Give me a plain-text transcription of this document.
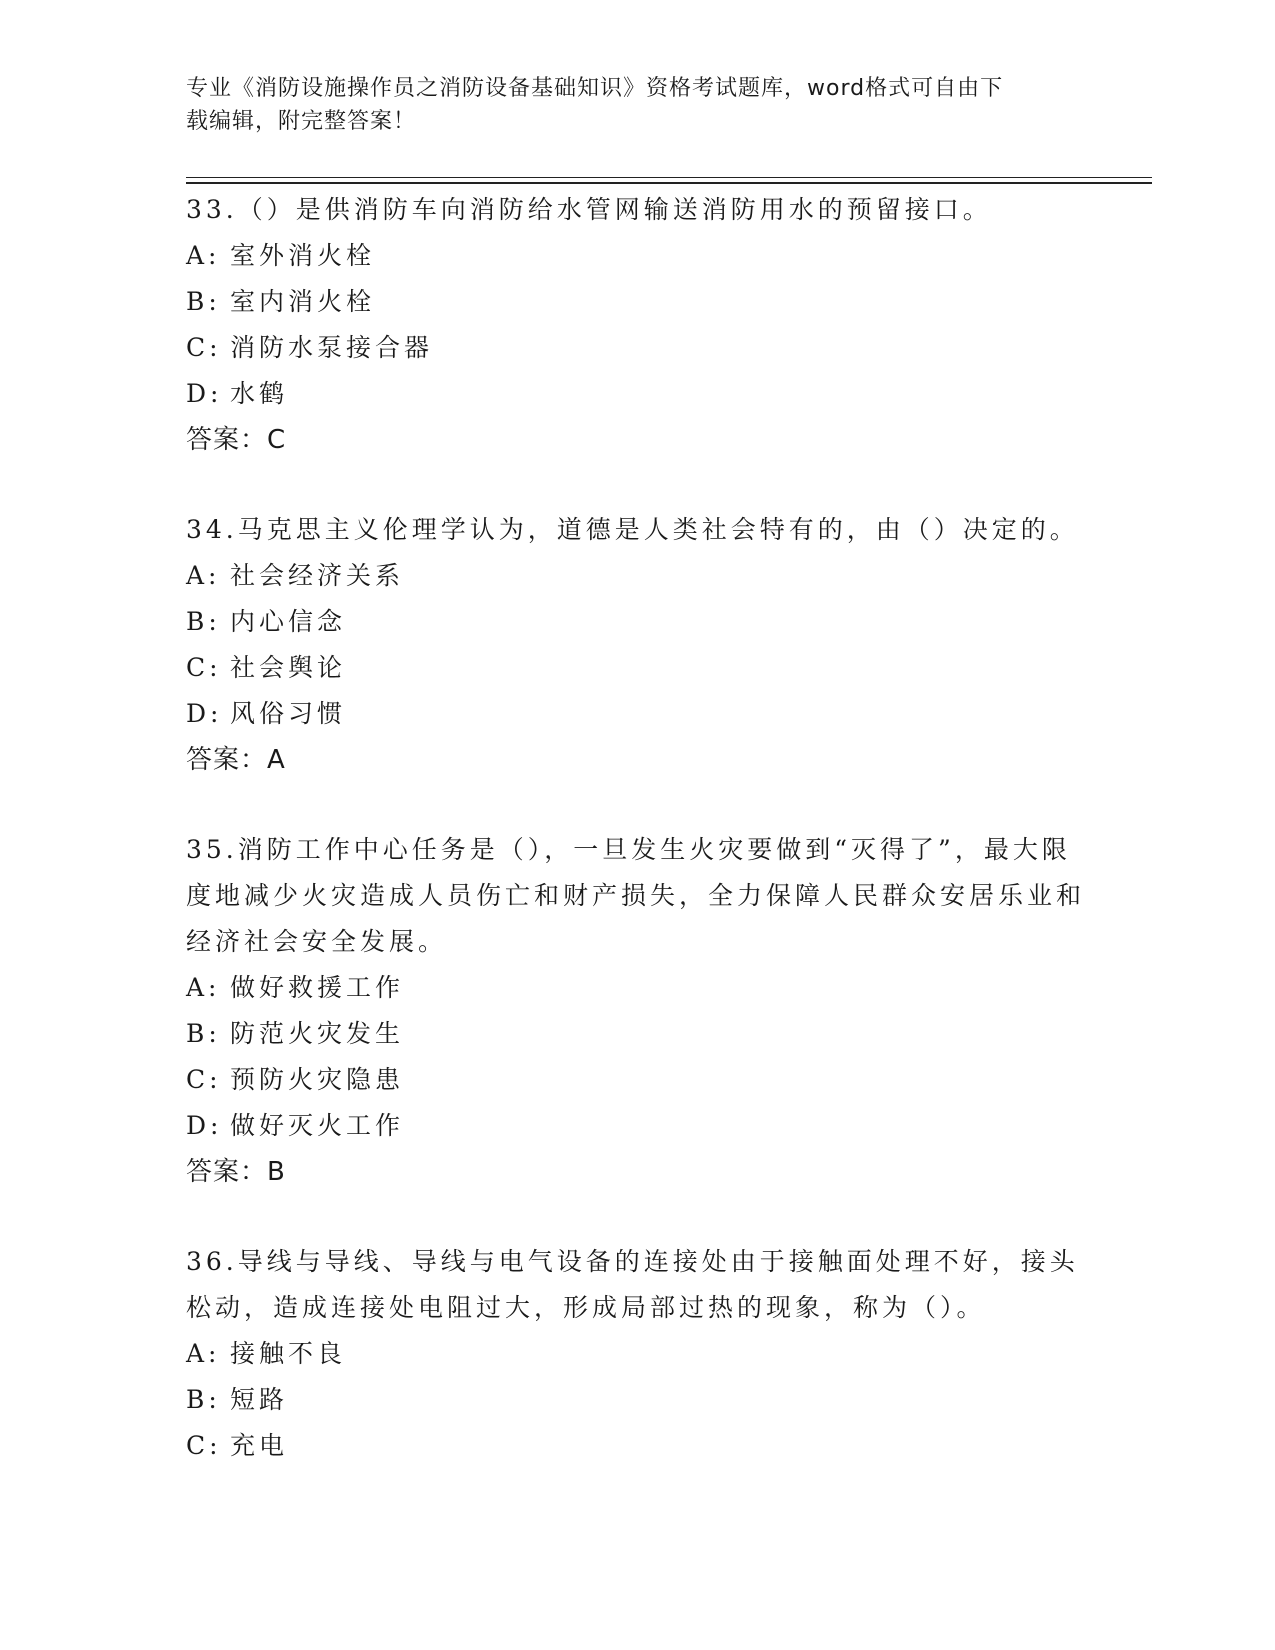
专业《消防设施操作员之消防设备基础知识》资格考试题库，word格式可自由下
载编辑，附完整答案！
33.（）是供消防车向消防给水管网输送消防用水的预留接口。
A: 室外消火栓
B: 室内消火栓
C: 消防水泵接合器
D: 水鹤
答案：C
34.马克思主义伦理学认为，道德是人类社会特有的，由（）决定的。
A: 社会经济关系
B: 内心信念
C: 社会舆论
D: 风俗习惯
答案：A
35.消防工作中心任务是（），一旦发生火灾要做到“灭得了”，最大限度地减少火灾造成人员伤亡和财产损失，全力保障人民群众安居乐业和经济社会安全发展。
A: 做好救援工作
B: 防范火灾发生
C: 预防火灾隐患
D: 做好灭火工作
答案：B
36.导线与导线、导线与电气设备的连接处由于接触面处理不好，接头松动，造成连接处电阻过大，形成局部过热的现象，称为（）。
A: 接触不良
B: 短路
C: 充电
